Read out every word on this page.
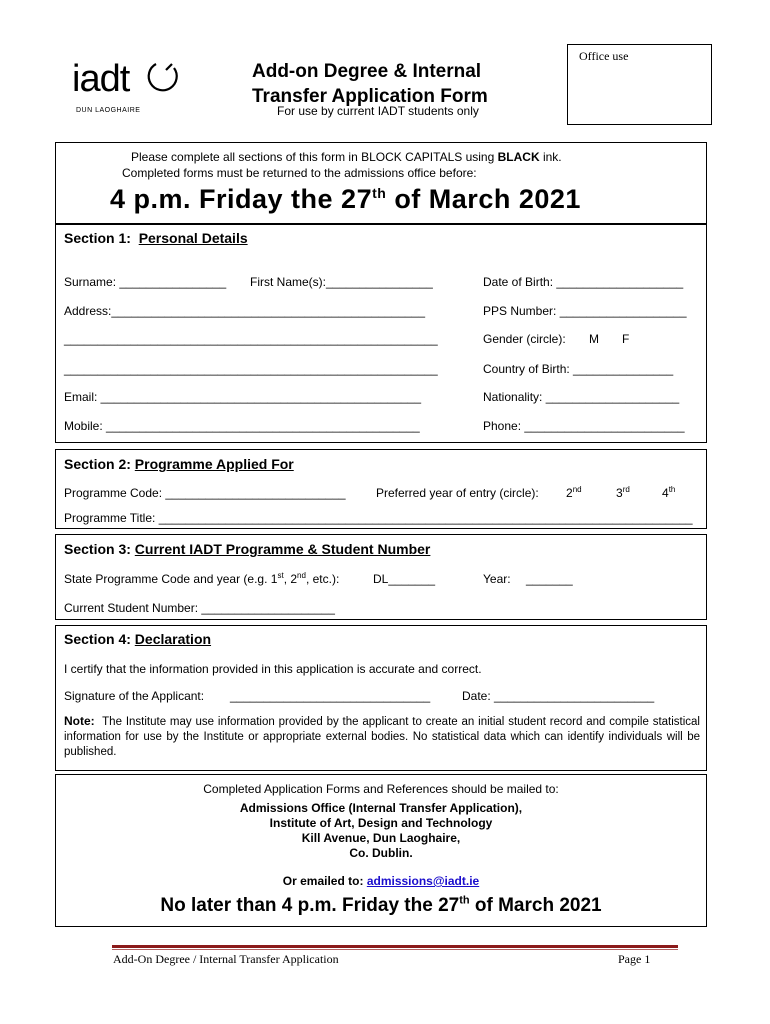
iadt
DUN LAOGHAIRE
Add-on Degree & Internal
Transfer Application Form
For use by current IADT students only
Office use
Please complete all sections of this form in BLOCK CAPITALS using BLACK ink.
Completed forms must be returned to the admissions office before:
4 p.m. Friday the 27th of March 2021
Section 1: Personal Details
Surname: ________________ First Name(s):________________	Date of Birth: ___________________
Address:_______________________________________________	PPS Number: ___________________
________________________________________________________	Gender (circle): M F
________________________________________________________	Country of Birth: _______________
Email: ________________________________________________	Nationality: ____________________
Mobile: _______________________________________________	Phone: ________________________
Section 2: Programme Applied For
Programme Code: ___________________________	Preferred year of entry (circle): 2nd	3rd	4th
Programme Title: ________________________________________________________________________________
Section 3: Current IADT Programme & Student Number
State Programme Code and year (e.g. 1st, 2nd, etc.):	DL_______	Year: _______
Current Student Number: ____________________
Section 4: Declaration
I certify that the information provided in this application is accurate and correct.
Signature of the Applicant: ______________________________	Date: ________________________
Note: The Institute may use information provided by the applicant to create an initial student record and compile statistical information for use by the Institute or appropriate external bodies. No statistical data which can identify individuals will be published.
Completed Application Forms and References should be mailed to:
Admissions Office (Internal Transfer Application),
Institute of Art, Design and Technology
Kill Avenue, Dun Laoghaire,
Co. Dublin.
Or emailed to: admissions@iadt.ie
No later than 4 p.m. Friday the 27th of March 2021
Add-On Degree / Internal Transfer Application	Page 1
